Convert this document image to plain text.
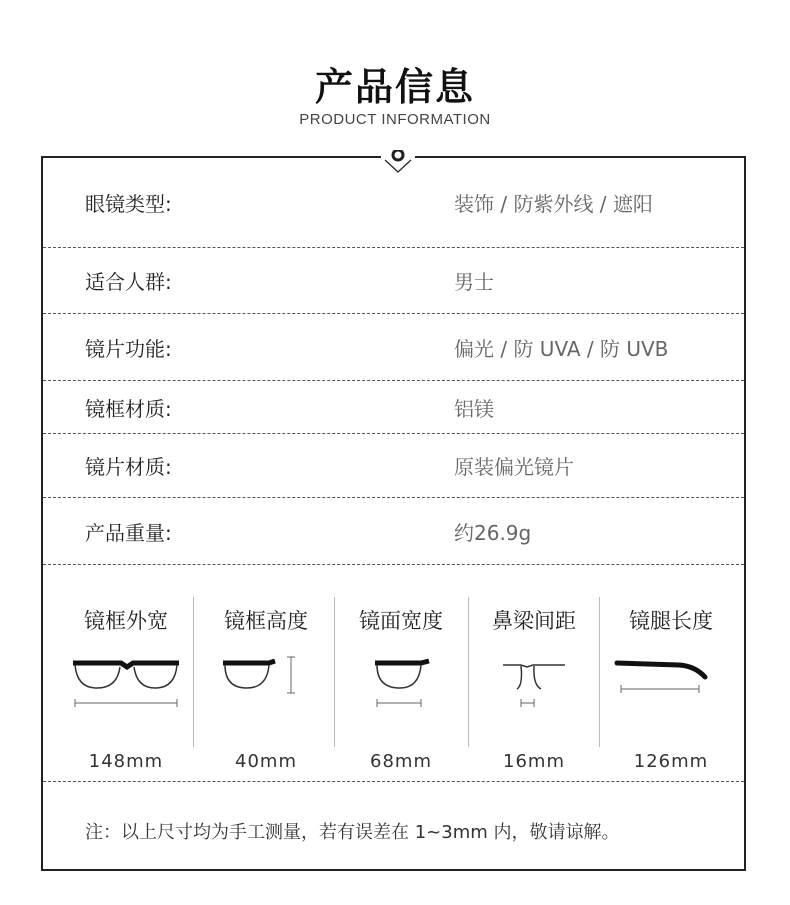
产品信息
PRODUCT INFORMATION
眼镜类型:	装饰 / 防紫外线 / 遮阳
适合人群:	男士
镜片功能:	偏光 / 防 UVA / 防 UVB
镜框材质:	铝镁
镜片材质:	原装偏光镜片
产品重量:	约26.9g
镜框外宽
148mm
镜框高度
40mm
镜面宽度
68mm
鼻梁间距
16mm
镜腿长度
126mm
注：以上尺寸均为手工测量，若有误差在 1~3mm 内，敬请谅解。
